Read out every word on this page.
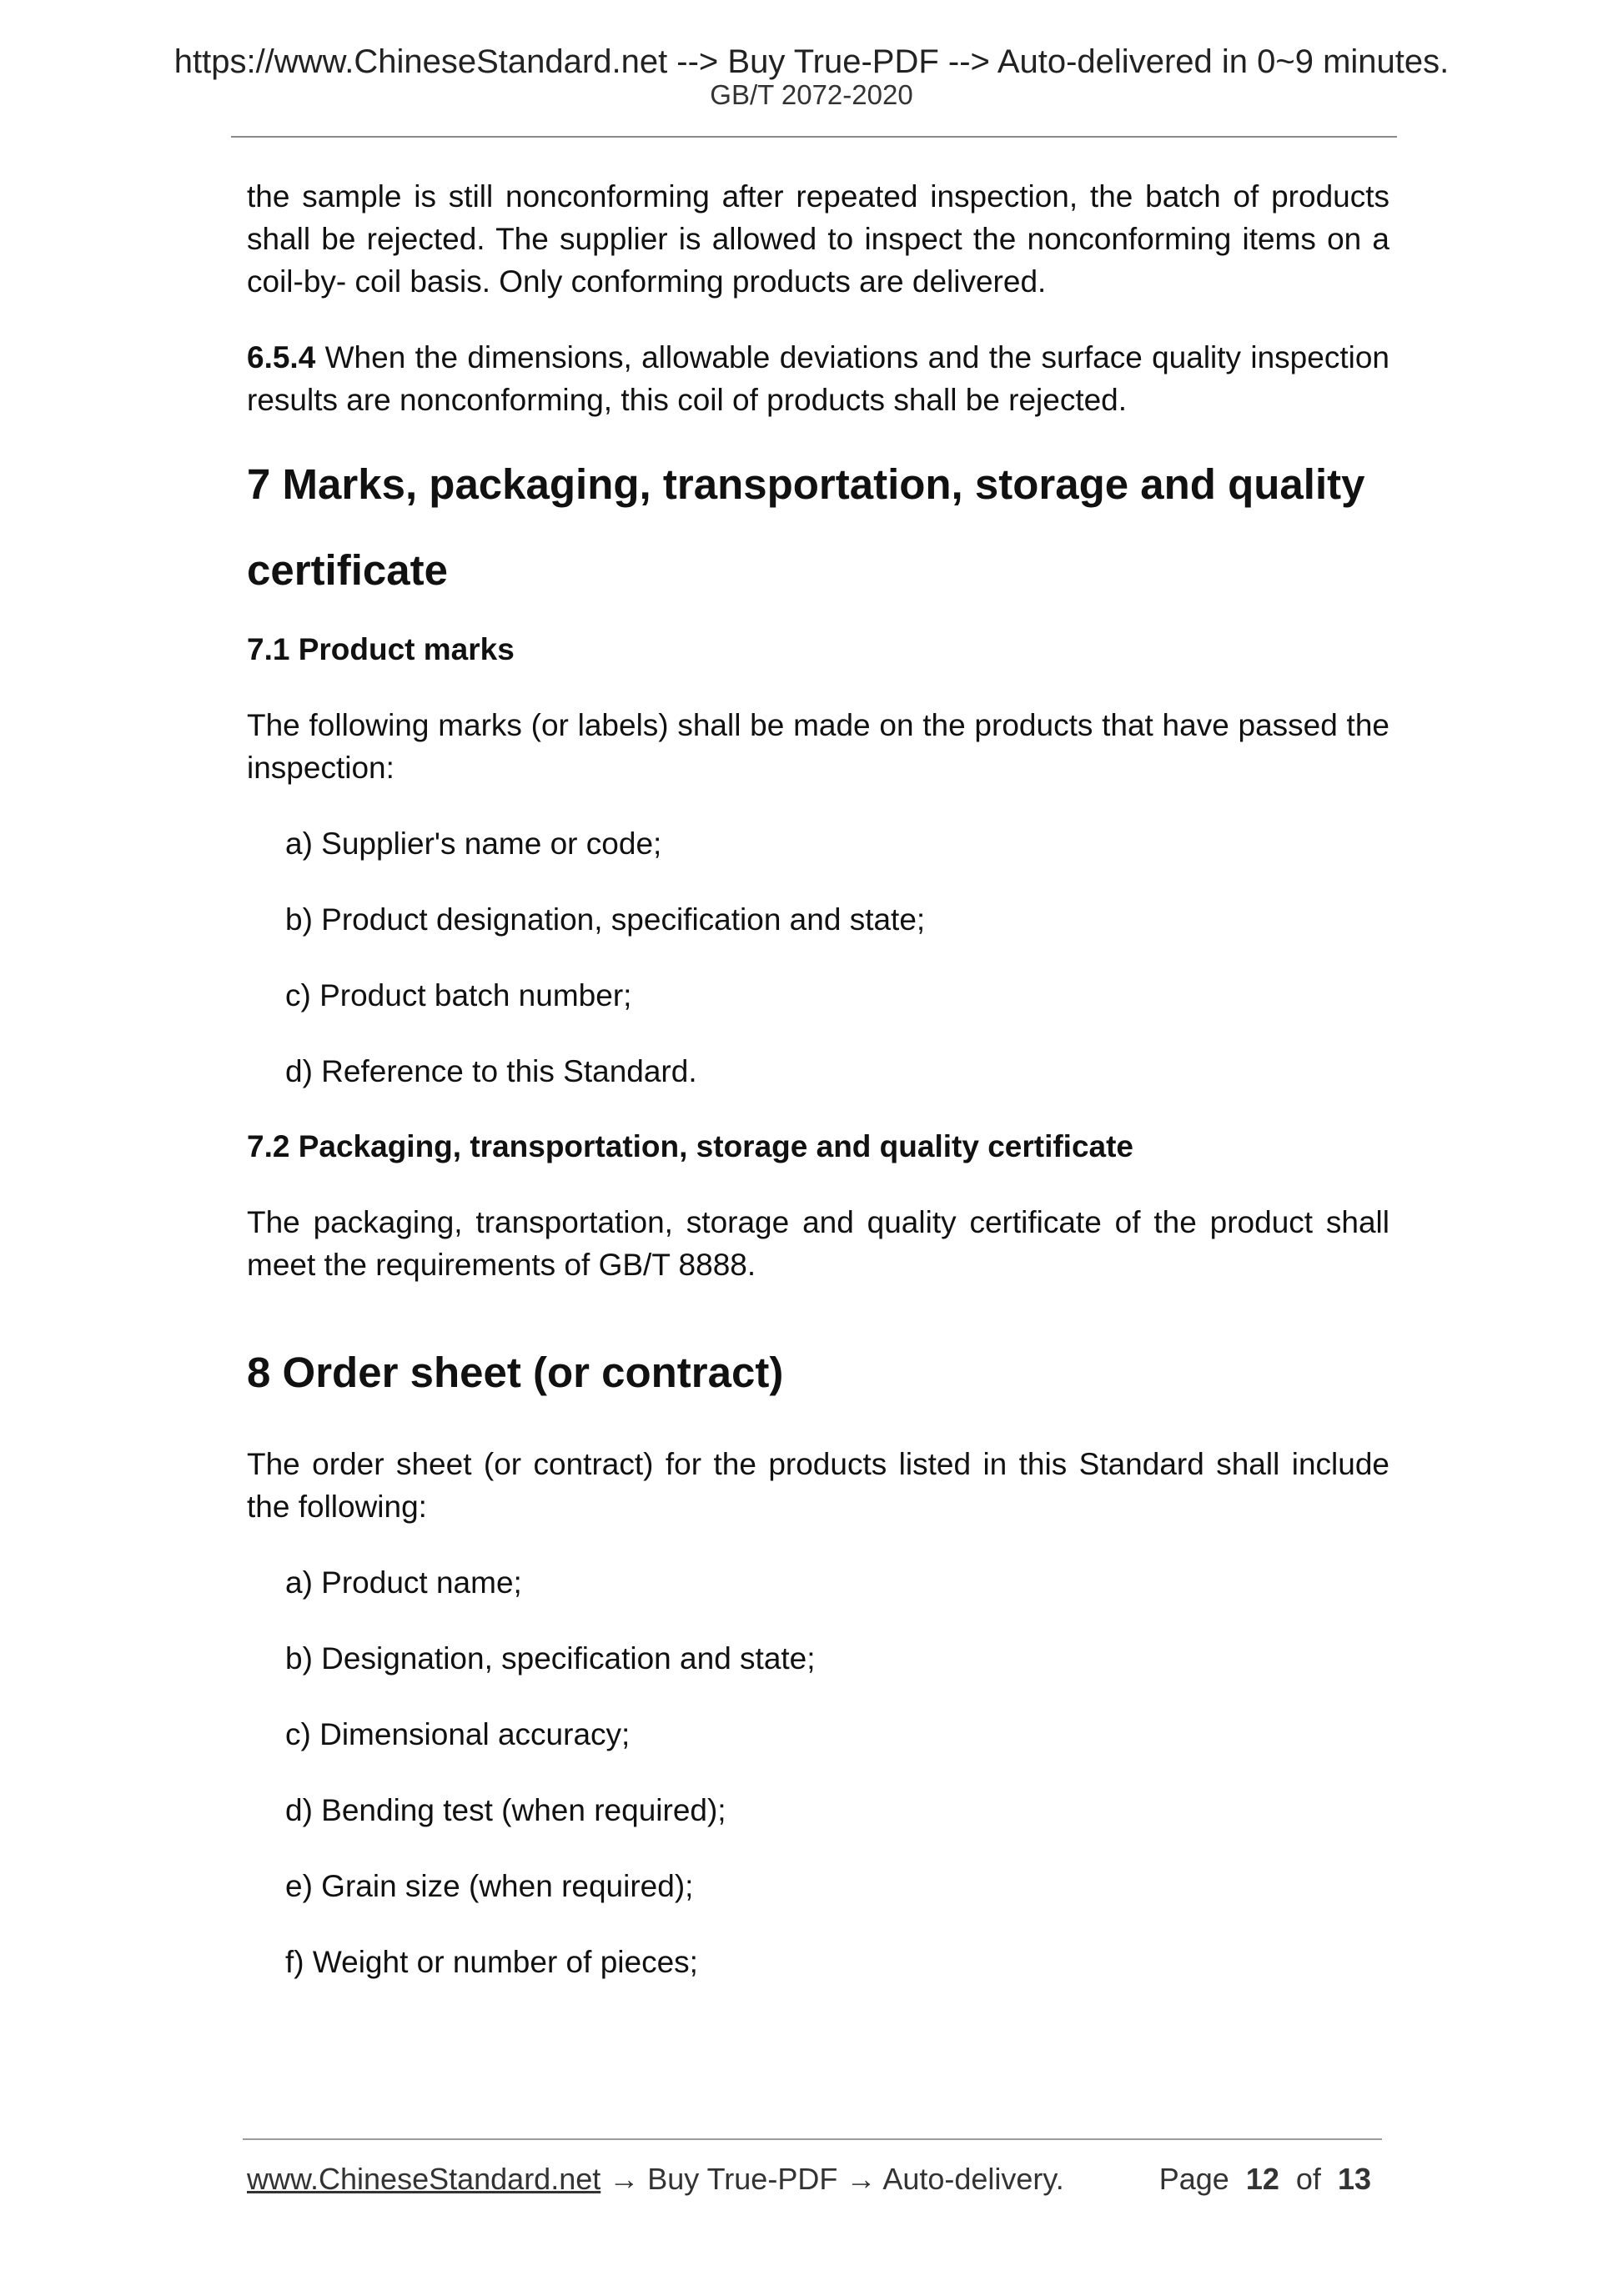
https://www.ChineseStandard.net --> Buy True-PDF --> Auto-delivered in 0~9 minutes.
GB/T 2072-2020

the sample is still nonconforming after repeated inspection, the batch of products shall be rejected. The supplier is allowed to inspect the nonconforming items on a coil-by- coil basis. Only conforming products are delivered.

6.5.4 When the dimensions, allowable deviations and the surface quality inspection results are nonconforming, this coil of products shall be rejected.

7 Marks, packaging, transportation, storage and quality certificate
7.1 Product marks

The following marks (or labels) shall be made on the products that have passed the inspection:

a) Supplier's name or code;

b) Product designation, specification and state;

c) Product batch number;

d) Reference to this Standard.

7.2 Packaging, transportation, storage and quality certificate

The packaging, transportation, storage and quality certificate of the product shall meet the requirements of GB/T 8888.

8 Order sheet (or contract)

The order sheet (or contract) for the products listed in this Standard shall include the following:

a) Product name;

b) Designation, specification and state;

c) Dimensional accuracy;

d) Bending test (when required);

e) Grain size (when required);

f) Weight or number of pieces;

www.ChineseStandard.net → Buy True-PDF → Auto-delivery.	Page 12 of 13
